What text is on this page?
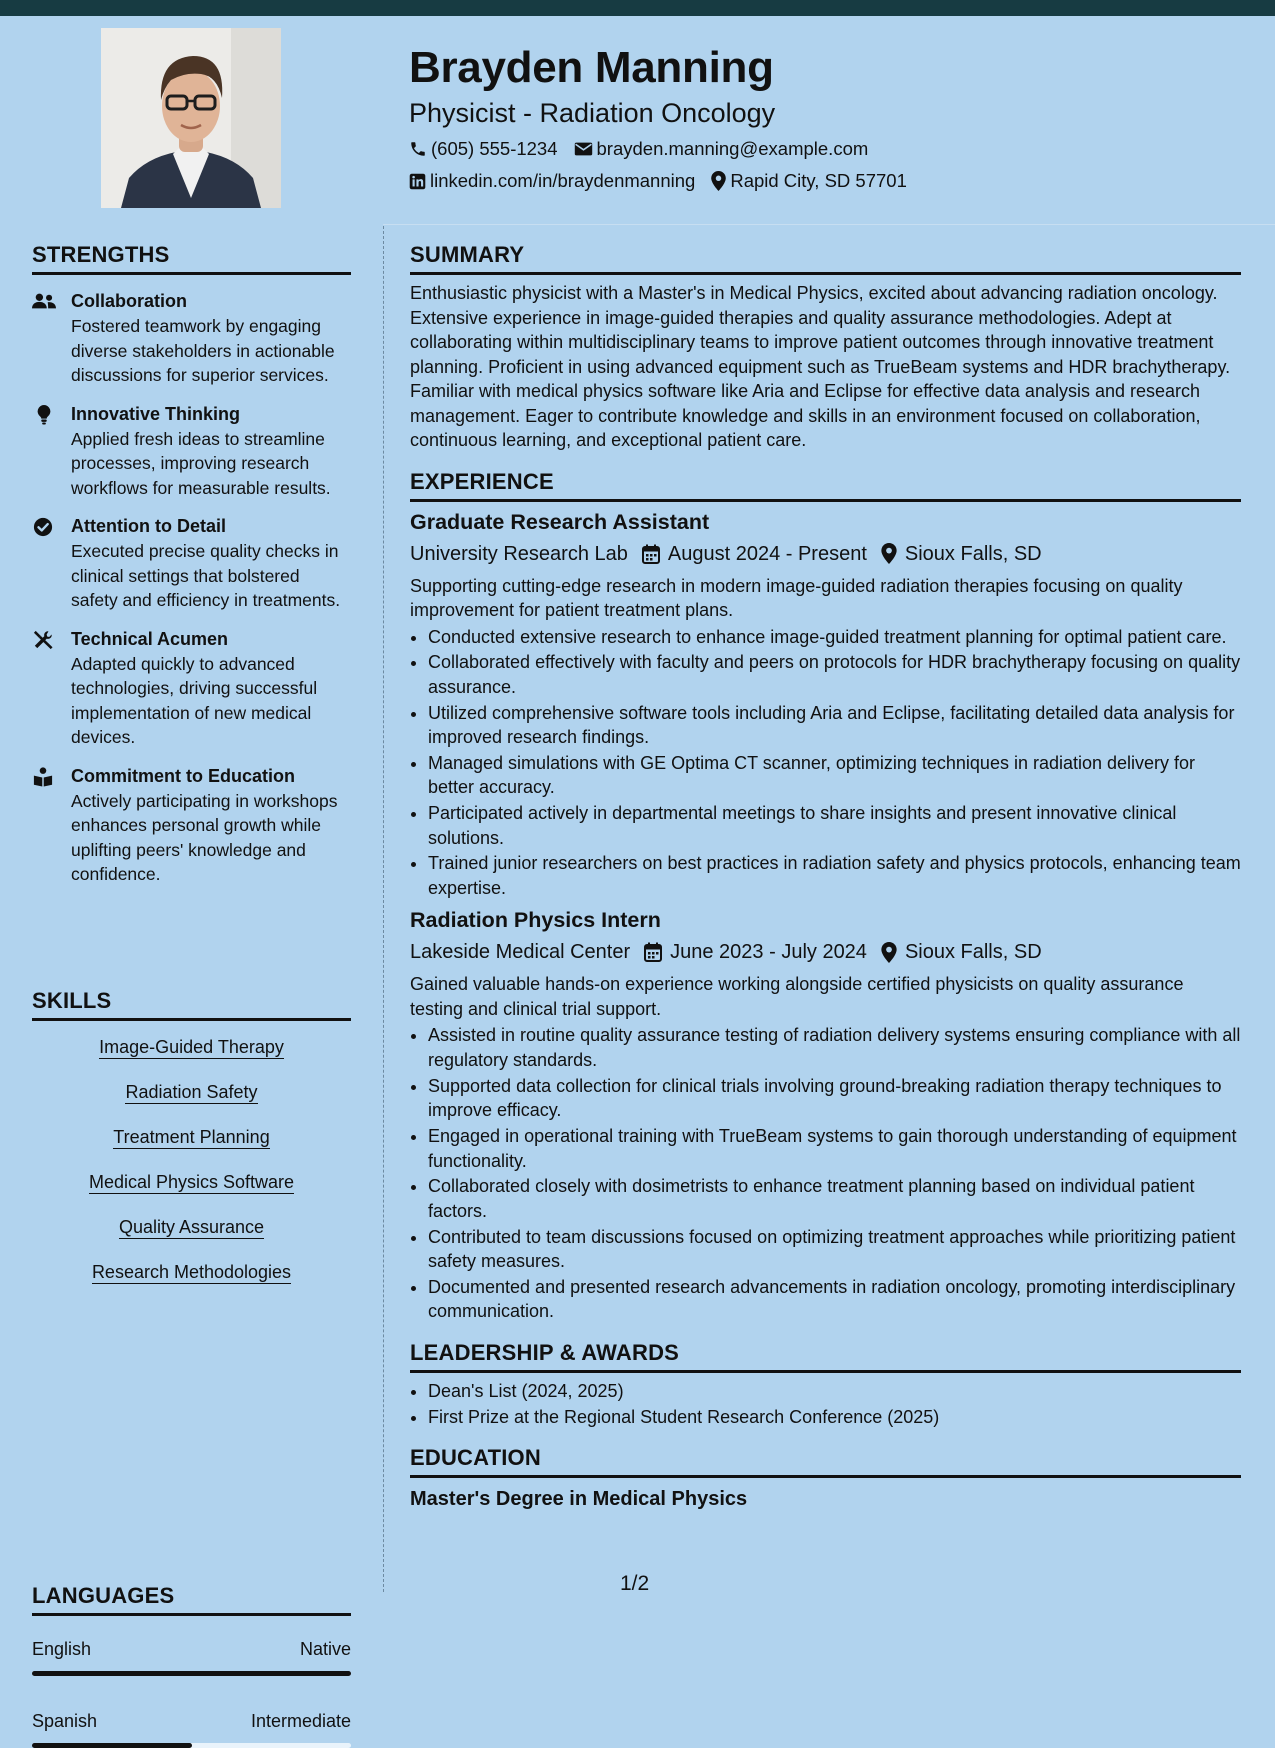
Brayden Manning
Physicist - Radiation Oncology
(605) 555-1234 brayden.manning@example.com
linkedin.com/in/braydenmanning Rapid City, SD 57701
STRENGTHS
Collaboration
Fostered teamwork by engaging diverse stakeholders in actionable discussions for superior services.
Innovative Thinking
Applied fresh ideas to streamline processes, improving research workflows for measurable results.
Attention to Detail
Executed precise quality checks in clinical settings that bolstered safety and efficiency in treatments.
Technical Acumen
Adapted quickly to advanced technologies, driving successful implementation of new medical devices.
Commitment to Education
Actively participating in workshops enhances personal growth while uplifting peers' knowledge and confidence.
SKILLS
Image-Guided Therapy
Radiation Safety
Treatment Planning
Medical Physics Software
Quality Assurance
Research Methodologies
LANGUAGES
English	Native
Spanish	Intermediate
SUMMARY
Enthusiastic physicist with a Master's in Medical Physics, excited about advancing radiation oncology. Extensive experience in image-guided therapies and quality assurance methodologies. Adept at collaborating within multidisciplinary teams to improve patient outcomes through innovative treatment planning. Proficient in using advanced equipment such as TrueBeam systems and HDR brachytherapy. Familiar with medical physics software like Aria and Eclipse for effective data analysis and research management. Eager to contribute knowledge and skills in an environment focused on collaboration, continuous learning, and exceptional patient care.
EXPERIENCE
Graduate Research Assistant
University Research Lab August 2024 - Present Sioux Falls, SD
Supporting cutting-edge research in modern image-guided radiation therapies focusing on quality improvement for patient treatment plans.
• Conducted extensive research to enhance image-guided treatment planning for optimal patient care.
• Collaborated effectively with faculty and peers on protocols for HDR brachytherapy focusing on quality assurance.
• Utilized comprehensive software tools including Aria and Eclipse, facilitating detailed data analysis for improved research findings.
• Managed simulations with GE Optima CT scanner, optimizing techniques in radiation delivery for better accuracy.
• Participated actively in departmental meetings to share insights and present innovative clinical solutions.
• Trained junior researchers on best practices in radiation safety and physics protocols, enhancing team expertise.
Radiation Physics Intern
Lakeside Medical Center June 2023 - July 2024 Sioux Falls, SD
Gained valuable hands-on experience working alongside certified physicists on quality assurance testing and clinical trial support.
• Assisted in routine quality assurance testing of radiation delivery systems ensuring compliance with all regulatory standards.
• Supported data collection for clinical trials involving ground-breaking radiation therapy techniques to improve efficacy.
• Engaged in operational training with TrueBeam systems to gain thorough understanding of equipment functionality.
• Collaborated closely with dosimetrists to enhance treatment planning based on individual patient factors.
• Contributed to team discussions focused on optimizing treatment approaches while prioritizing patient safety measures.
• Documented and presented research advancements in radiation oncology, promoting interdisciplinary communication.
LEADERSHIP & AWARDS
• Dean's List (2024, 2025)
• First Prize at the Regional Student Research Conference (2025)
EDUCATION
Master's Degree in Medical Physics
1/2
